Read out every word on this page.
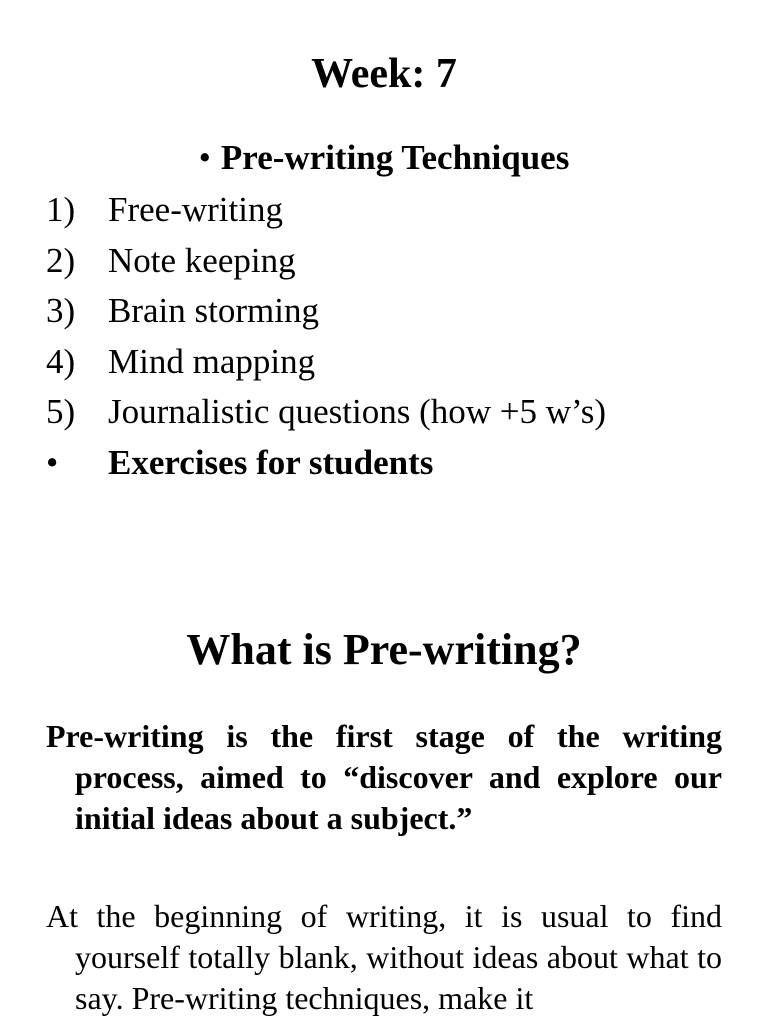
Week: 7
• Pre-writing Techniques
1) Free-writing
2) Note keeping
3) Brain storming
4) Mind mapping
5) Journalistic questions (how +5 w’s)
• Exercises for students
What is Pre-writing?

Pre-writing is the first stage of the writing process, aimed to “discover and explore our initial ideas about a subject.”

At the beginning of writing, it is usual to find yourself totally blank, without ideas about what to say. Pre-writing techniques, make it
